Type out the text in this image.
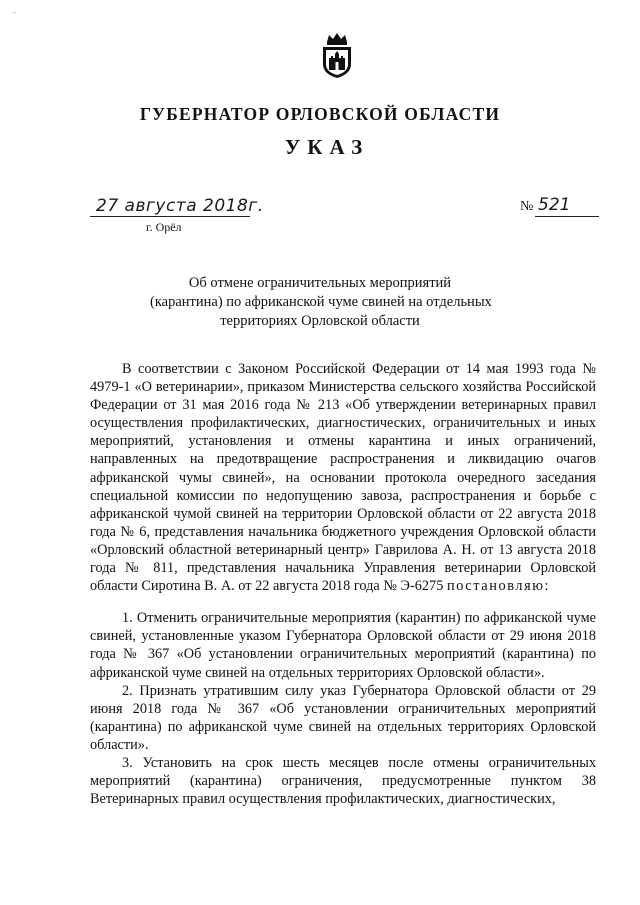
··
ГУБЕРНАТОР ОРЛОВСКОЙ ОБЛАСТИ
УКАЗ
27 августа 2018г.
г. Орёл
№ 521
Об отмене ограничительных мероприятий
(карантина) по африканской чуме свиней на отдельных
территориях Орловской области

В соответствии с Законом Российской Федерации от 14 мая 1993 года № 4979-1 «О ветеринарии», приказом Министерства сельского хозяйства Российской Федерации от 31 мая 2016 года № 213 «Об утверждении ветеринарных правил осуществления профилактических, диагностических, ограничительных и иных мероприятий, установления и отмены карантина и иных ограничений, направленных на предотвращение распространения и ликвидацию очагов африканской чумы свиней», на основании протокола очередного заседания специальной комиссии по недопущению завоза, распространения и борьбе с африканской чумой свиней на территории Орловской области от 22 августа 2018 года № 6, представления начальника бюджетного учреждения Орловской области «Орловский областной ветеринарный центр» Гаврилова А. Н. от 13 августа 2018 года № 811, представления начальника Управления ветеринарии Орловской области Сиротина В. А. от 22 августа 2018 года № Э-6275 постановляю:

1. Отменить ограничительные мероприятия (карантин) по африканской чуме свиней, установленные указом Губернатора Орловской области от 29 июня 2018 года № 367 «Об установлении ограничительных мероприятий (карантина) по африканской чуме свиней на отдельных территориях Орловской области».

2. Признать утратившим силу указ Губернатора Орловской области от 29 июня 2018 года № 367 «Об установлении ограничительных мероприятий (карантина) по африканской чуме свиней на отдельных территориях Орловской области».

3. Установить на срок шесть месяцев после отмены ограничительных мероприятий (карантина) ограничения, предусмотренные пунктом 38 Ветеринарных правил осуществления профилактических, диагностических,
